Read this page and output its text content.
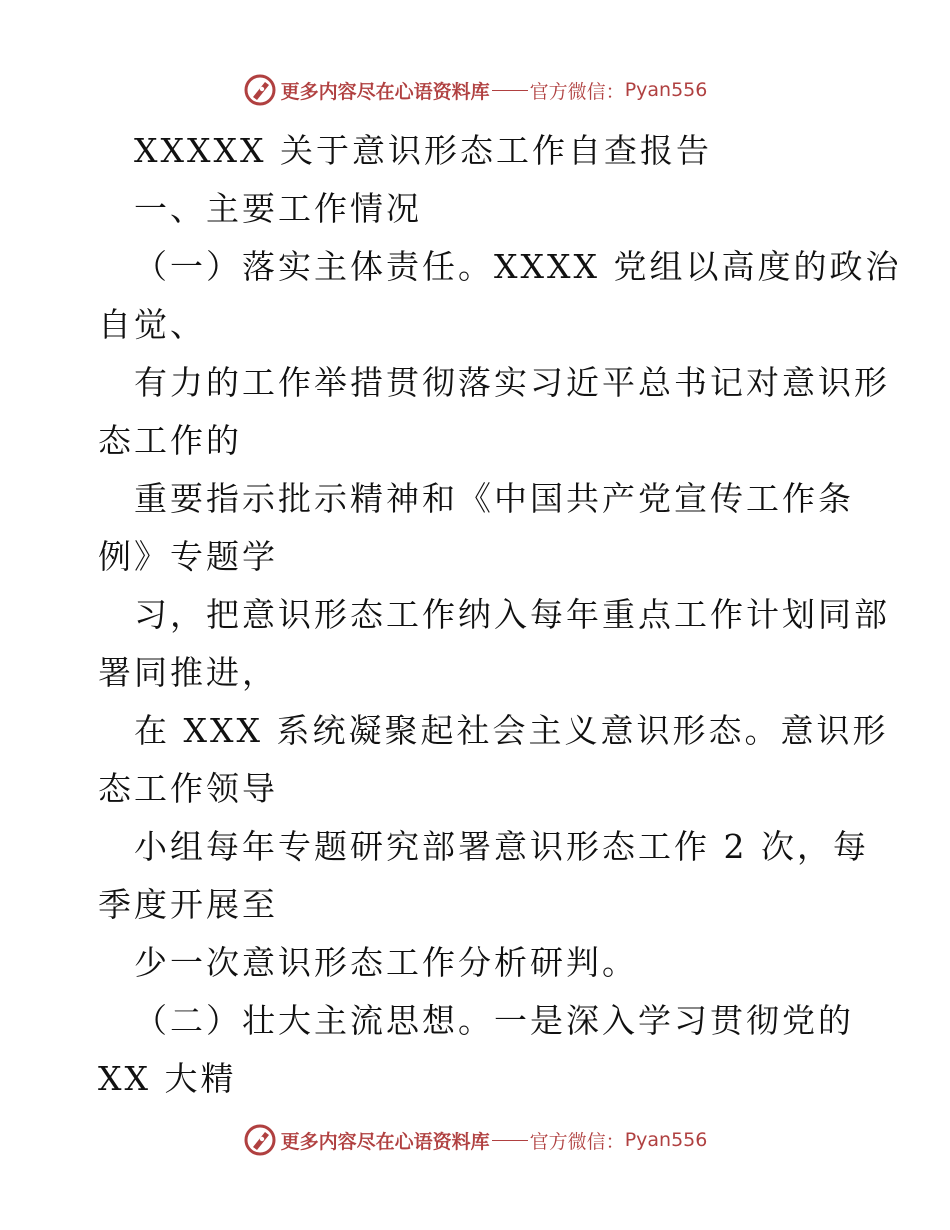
更多内容尽在心语资料库 官方微信： Pyan556

XXXXX 关于意识形态工作自查报告

一、主要工作情况

（一）落实主体责任。XXXX 党组以高度的政治

自觉、

有力的工作举措贯彻落实习近平总书记对意识形

态工作的

重要指示批示精神和《中国共产党宣传工作条

例》专题学

习，把意识形态工作纳入每年重点工作计划同部

署同推进，

在 XXX 系统凝聚起社会主义意识形态。意识形

态工作领导

小组每年专题研究部署意识形态工作 2 次，每

季度开展至

少一次意识形态工作分析研判。

（二）壮大主流思想。一是深入学习贯彻党的

XX 大精

更多内容尽在心语资料库 官方微信： Pyan556
